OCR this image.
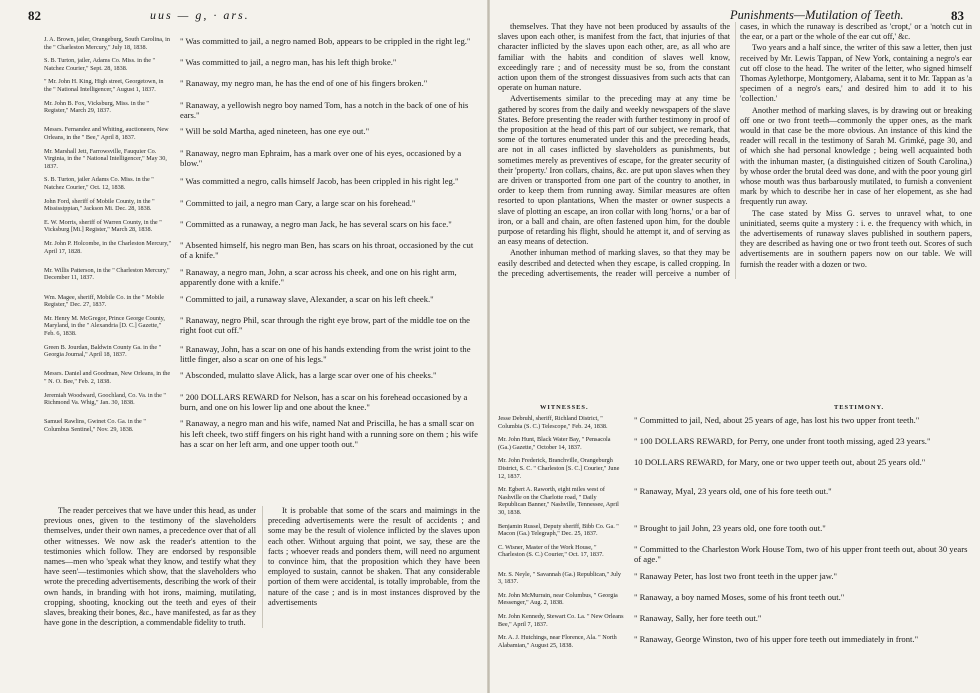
82	uus — g, · ars.
J. A. Brown, jailer, Orangeburg, South Carolina, in the " Charleston Mercury," July 18, 1838.
" Was committed to jail, a negro named Bob, appears to be crippled in the right leg."
S. B. Turton, jailer, Adams Co. Miss. in the " Natchez Courier," Sept. 28, 1838.
" Was committed to jail, a negro man, has his left thigh broke."
" Mr. John H. King, High street, Georgetown, in the " National Intelligencer," August 1, 1837.
" Ranaway, my negro man, he has the end of one of his fingers broken."
Mr. John B. Fox, Vicksburg, Miss. in the " Register," March 29, 1837.
" Ranaway, a yellowish negro boy named Tom, has a notch in the back of one of his ears."
Messrs. Fernandez and Whiting, auctioneers, New Orleans, in the " Bee," April 8, 1837.
" Will be sold Martha, aged nineteen, has one eye out."
Mr. Marshall Jett, Farrowsville, Fauquier Co. Virginia, in the " National Intelligencer," May 30, 1837.
" Ranaway, negro man Ephraim, has a mark over one of his eyes, occasioned by a blow."
S. B. Turton, jailer Adams Co. Miss. in the " Natchez Courier," Oct. 12, 1838.
" Was committed a negro, calls himself Jacob, has been crippled in his right leg."
John Ford, sheriff of Mobile County, in the " Mississippian," Jackson Mi. Dec. 28, 1838.
" Committed to jail, a negro man Cary, a large scar on his forehead."
E. W. Morris, sheriff of Warren County, in the " Vicksburg [Mi.] Register," March 28, 1838.
" Committed as a runaway, a negro man Jack, he has several scars on his face."
Mr. John P. Holcombe, in the Charleston Mercury," April 17, 1828.
" Absented himself, his negro man Ben, has scars on his throat, occasioned by the cut of a knife."
Mr. Willis Patterson, in the " Charleston Mercury," December 11, 1837.
" Ranaway, a negro man, John, a scar across his cheek, and one on his right arm, apparently done with a knife."
Wm. Magee, sheriff, Mobile Co. in the " Mobile Register," Dec. 27, 1837.
" Committed to jail, a runaway slave, Alexander, a scar on his left cheek."
Mr. Henry M. McGregor, Prince George County, Maryland, in the " Alexandria [D. C.] Gazette," Feb. 6, 1838.
" Ranaway, negro Phil, scar through the right eye brow, part of the middle toe on the right foot cut off."
Green B. Jourdan, Baldwin County Ga. in the " Georgia Journal," April 18, 1837.
" Ranaway, John, has a scar on one of his hands extending from the wrist joint to the little finger, also a scar on one of his legs."
Messrs. Daniel and Goodman, New Orleans, in the " N. O. Bee," Feb. 2, 1838.
" Absconded, mulatto slave Alick, has a large scar over one of his cheeks."
Jeremiah Woodward, Goochland, Co. Va. in the " Richmond Va. Whig," Jan. 30, 1838.
" 200 DOLLARS REWARD for Nelson, has a scar on his forehead occasioned by a burn, and one on his lower lip and one about the knee."
Samuel Rawlins, Gwinet Co. Ga. in the " Columbus Sentinel," Nov. 29, 1838.
" Ranaway, a negro man and his wife, named Nat and Priscilla, he has a small scar on his left cheek, two stiff fingers on his right hand with a running sore on them ; his wife has a scar on her left arm, and one upper tooth out."

The reader perceives that we have under this head, as under previous ones, given to the testimony of the slaveholders themselves, under their own names, a precedence over that of all other witnesses. We now ask the reader's attention to the testimonies which follow. They are endorsed by responsible names—men who 'speak what they know, and testify what they have seen'—testimonies which show, that the slaveholders who wrote the preceding advertisements, describing the work of their own hands, in branding with hot irons, maiming, mutilating, cropping, shooting, knocking out the teeth and eyes of their slaves, breaking their bones, &c., have manifested, as far as they have gone in the description, a commendable fidelity to truth.

It is probable that some of the scars and maimings in the preceding advertisements were the result of accidents ; and some may be the result of violence inflicted by the slaves upon each other. Without arguing that point, we say, these are the facts ; whoever reads and ponders them, will need no argument to convince him, that the proposition which they have been employed to sustain, cannot be shaken. That any considerable portion of them were accidental, is totally improbable, from the nature of the case ; and is in most instances disproved by the advertisements

Punishments—Mutilation of Teeth.	83

themselves. That they have not been produced by assaults of the slaves upon each other, is manifest from the fact, that injuries of that character inflicted by the slaves upon each other, are, as all who are familiar with the habits and condition of slaves well know, exceedingly rare ; and of necessity must be so, from the constant action upon them of the strongest dissuasives from such acts that can operate on human nature.

Advertisements similar to the preceding may at any time be gathered by scores from the daily and weekly newspapers of the slave States. Before presenting the reader with further testimony in proof of the proposition at the head of this part of our subject, we remark, that some of the tortures enumerated under this and the preceding heads, are not in all cases inflicted by slaveholders as punishments, but sometimes merely as preventives of escape, for the greater security of their 'property.' Iron collars, chains, &c. are put upon slaves when they are driven or transported from one part of the country to another, in order to keep them from running away. Similar measures are often resorted to upon plantations, When the master or owner suspects a slave of plotting an escape, an iron collar with long 'horns,' or a bar of iron, or a ball and chain, are often fastened upon him, for the double purpose of retarding his flight, should he attempt it, and of serving as an easy means of detection.

Another inhuman method of marking slaves, so that they may be easily described and detected when they escape, is called cropping. In the preceding advertisements, the reader will perceive a number of cases, in which the runaway is described as 'cropt,' or a 'notch cut in the ear, or a part or the whole of the ear cut off,' &c.

Two years and a half since, the writer of this saw a letter, then just received by Mr. Lewis Tappan, of New York, containing a negro's ear cut off close to the head. The writer of the letter, who signed himself Thomas Aylethorpe, Montgomery, Alabama, sent it to Mr. Tappan as 'a specimen of a negro's ears,' and desired him to add it to his 'collection.'

Another method of marking slaves, is by drawing out or breaking off one or two front teeth—commonly the upper ones, as the mark would in that case be the more obvious. An instance of this kind the reader will recall in the testimony of Sarah M. Grimké, page 30, and of which she had personal knowledge ; being well acquainted both with the inhuman master, (a distinguished citizen of South Carolina,) by whose order the brutal deed was done, and with the poor young girl whose mouth was thus barbarously mutilated, to furnish a convenient mark by which to describe her in case of her elopement, as she had frequently run away.

The case stated by Miss G. serves to unravel what, to one uninitiated, seems quite a mystery : i. e. the frequency with which, in the advertisements of runaway slaves published in southern papers, they are described as having one or two front teeth out. Scores of such advertisements are in southern papers now on our table. We will furnish the reader with a dozen or two.

WITNESSES.	TESTIMONY.
Jesse Debruhl, sheriff, Richland District, " Columbia (S. C.) Telescope," Feb. 24, 1838.
" Committed to jail, Ned, about 25 years of age, has lost his two upper front teeth."
Mr. John Hunt, Black Water Bay, " Pensacola (Ga.) Gazette," October 14, 1837.
" 100 DOLLARS REWARD, for Perry, one under front tooth missing, aged 23 years."
Mr. John Frederick, Branchville, Orangeburgh District, S. C. " Charleston [S. C.] Courier," June 12, 1837.
10 DOLLARS REWARD, for Mary, one or two upper teeth out, about 25 years old."
Mr. Egbert A. Raworth, eight miles west of Nashville on the Charlotte road, " Daily Republican Banner," Nashville, Tennessee, April 30, 1838.
" Ranaway, Myal, 23 years old, one of his fore teeth out."
Benjamin Russel, Deputy sheriff, Bibb Co. Ga. " Macon (Ga.) Telegraph," Dec. 25, 1837.
" Brought to jail John, 23 years old, one fore tooth out."
C. Wisner, Master of the Work House, " Charleston (S. C.) Courier," Oct. 17, 1837.
" Committed to the Charleston Work House Tom, two of his upper front teeth out, about 30 years of age."
Mr. S. Neyle, " Savannah (Ga.) Republican," July 3, 1837.
" Ranaway Peter, has lost two front teeth in the upper jaw."
Mr. John McMurrain, near Columbus, " Georgia Messenger," Aug. 2, 1838.
" Ranaway, a boy named Moses, some of his front teeth out."
Mr. John Kennedy, Stewart Co. La. " New Orleans Bee," April 7, 1837.
" Ranaway, Sally, her fore teeth out."
Mr. A. J. Hutchings, near Florence, Ala. " North Alabamian," August 25, 1838.
" Ranaway, George Winston, two of his upper fore teeth out immediately in front."
